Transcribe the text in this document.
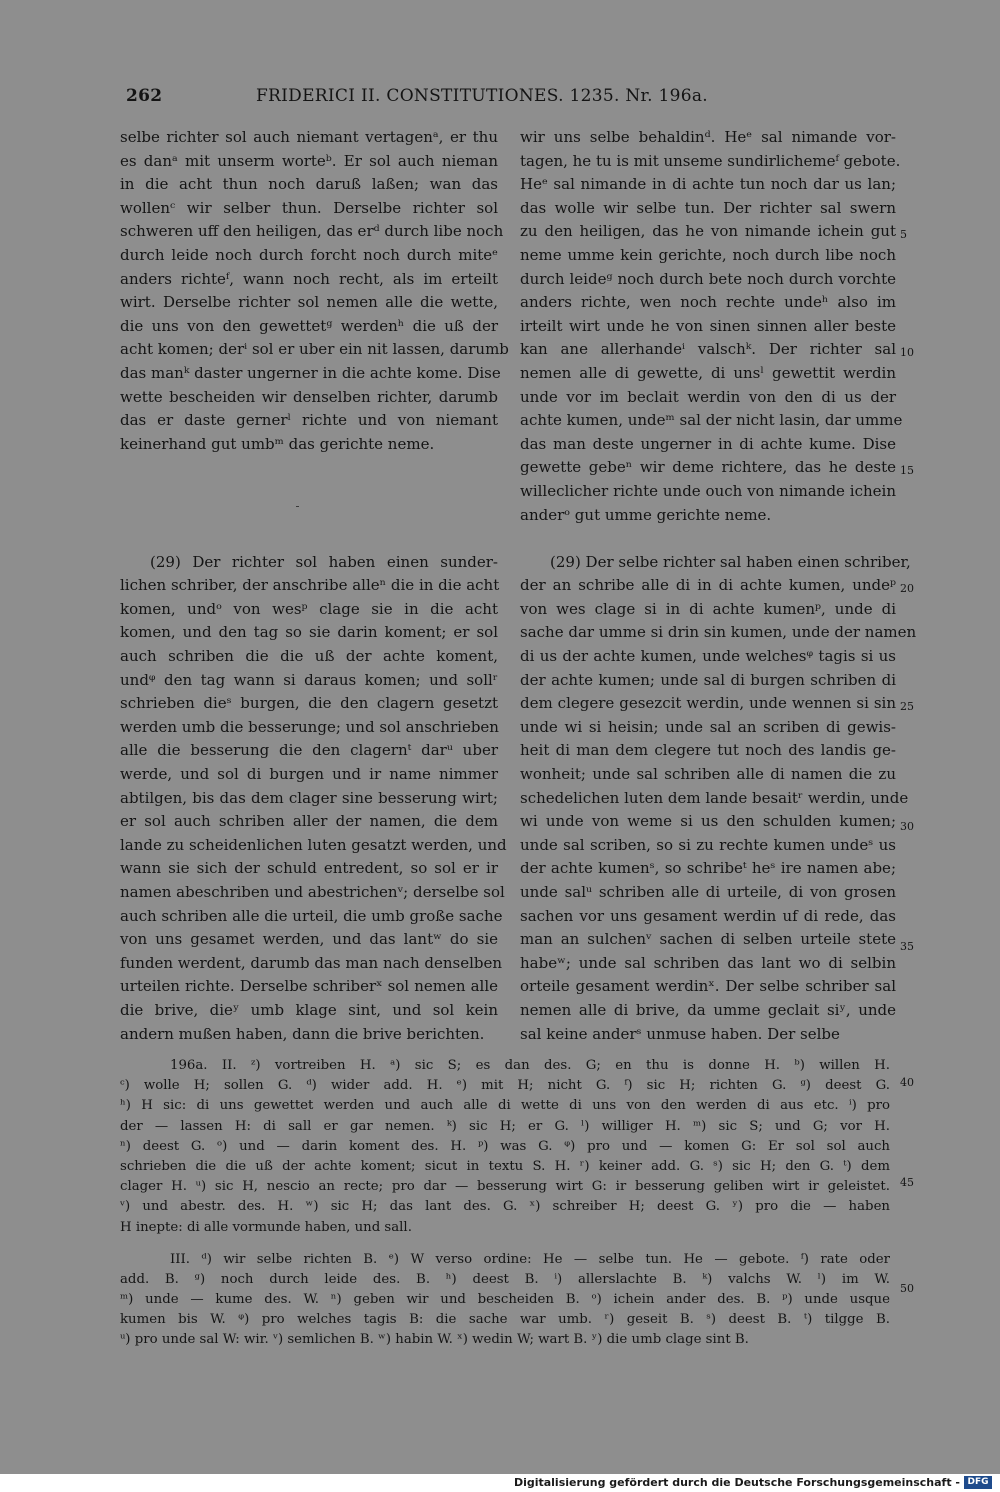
262	FRIDERICI II. CONSTITUTIONES. 1235. Nr. 196a.
selbe richter sol auch niemant vertagenᵃ, er thu
es danᵃ mit unserm worteᵇ. Er sol auch nieman
in die acht thun noch daruß laßen; wan das
wollenᶜ wir selber thun. Derselbe richter sol
schweren uff den heiligen, das erᵈ durch libe noch
durch leide noch durch forcht noch durch miteᵉ
anders richteᶠ, wann noch recht, als im erteilt
wirt. Derselbe richter sol nemen alle die wette,
die uns von den gewettetᵍ werdenʰ die uß der
acht komen; derⁱ sol er uber ein nit lassen, darumb
das manᵏ daster ungerner in die achte kome. Dise
wette bescheiden wir denselben richter, darumb
das er daste gernerˡ richte und von niemant
keinerhand gut umbᵐ das gerichte neme.
(29) Der richter sol haben einen sunder-
lichen schriber, der anschribe alleⁿ die in die acht
komen, undᵒ von wesᵖ clage sie in die acht
komen, und den tag so sie darin koment; er sol
auch schriben die die uß der achte koment,
undᵠ den tag wann si daraus komen; und sollʳ
schrieben dieˢ burgen, die den clagern gesetzt
werden umb die besserunge; und sol anschrieben
alle die besserung die den clagernᵗ darᵘ uber
werde, und sol di burgen und ir name nimmer
abtilgen, bis das dem clager sine besserung wirt;
er sol auch schriben aller der namen, die dem
lande zu scheidenlichen luten gesatzt werden, und
wann sie sich der schuld entredent, so sol er ir
namen abeschriben und abestrichenᵛ; derselbe sol
auch schriben alle die urteil, die umb große sache
von uns gesamet werden, und das lantʷ do sie
funden werdent, darumb das man nach denselben
urteilen richte. Derselbe schriberˣ sol nemen alle
die brive, dieʸ umb klage sint, und sol kein
andern mußen haben, dann die brive berichten.
wir uns selbe behaldinᵈ. Heᵉ sal nimande vor-
tagen, he tu is mit unseme sundirlichemeᶠ gebote.
Heᵉ sal nimande in di achte tun noch dar us lan;
das wolle wir selbe tun. Der richter sal swern
zu den heiligen, das he von nimande ichein gut
neme umme kein gerichte, noch durch libe noch
durch leideᵍ noch durch bete noch durch vorchte
anders richte, wen noch rechte undeʰ also im
irteilt wirt unde he von sinen sinnen aller beste
kan ane allerhandeⁱ valschᵏ. Der richter sal
nemen alle di gewette, di unsˡ gewettit werdin
unde vor im beclait werdin von den di us der
achte kumen, undeᵐ sal der nicht lasin, dar umme
das man deste ungerner in di achte kume. Dise
gewette gebeⁿ wir deme richtere, das he deste
willeclicher richte unde ouch von nimande ichein
anderᵒ gut umme gerichte neme.
(29) Der selbe richter sal haben einen schriber,
der an schribe alle di in di achte kumen, undeᵖ
von wes clage si in di achte kumenᵖ, unde di
sache dar umme si drin sin kumen, unde der namen
di us der achte kumen, unde welchesᵠ tagis si us
der achte kumen; unde sal di burgen schriben di
dem clegere gesezcit werdin, unde wennen si sin
unde wi si heisin; unde sal an scriben di gewis-
heit di man dem clegere tut noch des landis ge-
wonheit; unde sal schriben alle di namen die zu
schedelichen luten dem lande besaitʳ werdin, unde
wi unde von weme si us den schulden kumen;
unde sal scriben, so si zu rechte kumen undeˢ us
der achte kumenˢ, so schribeᵗ heˢ ire namen abe;
unde salᵘ schriben alle di urteile, di von grosen
sachen vor uns gesament werdin uf di rede, das
man an sulchenᵛ sachen di selben urteile stete
habeʷ; unde sal schriben das lant wo di selbin
orteile gesament werdinˣ. Der selbe schriber sal
nemen alle di brive, da umme geclait siʸ, unde
sal keine anderˢ unmuse haben. Der selbe
5
10
15
20
25
30
35
40
45
50
196a. II. ᶻ) vortreiben H. ᵃ) sic S; es dan des. G; en thu is donne H. ᵇ) willen H.
ᶜ) wolle H; sollen G. ᵈ) wider add. H. ᵉ) mit H; nicht G. ᶠ) sic H; richten G. ᵍ) deest G.
ʰ) H sic: di uns gewettet werden und auch alle di wette di uns von den werden di aus etc. ⁱ) pro
der — lassen H: di sall er gar nemen. ᵏ) sic H; er G. ˡ) williger H. ᵐ) sic S; und G; vor H.
ⁿ) deest G. ᵒ) und — darin koment des. H. ᵖ) was G. ᵠ) pro und — komen G: Er sol sol auch
schrieben die die uß der achte koment; sicut in textu S. H. ʳ) keiner add. G. ˢ) sic H; den G. ᵗ) dem
clager H. ᵘ) sic H, nescio an recte; pro dar — besserung wirt G: ir besserung geliben wirt ir geleistet.
ᵛ) und abestr. des. H. ʷ) sic H; das lant des. G. ˣ) schreiber H; deest G. ʸ) pro die — haben
H inepte: di alle vormunde haben, und sall.
III. ᵈ) wir selbe richten B. ᵉ) W verso ordine: He — selbe tun. He — gebote. ᶠ) rate oder
add. B. ᵍ) noch durch leide des. B. ʰ) deest B. ⁱ) allerslachte B. ᵏ) valchs W. ˡ) im W.
ᵐ) unde — kume des. W. ⁿ) geben wir und bescheiden B. ᵒ) ichein ander des. B. ᵖ) unde usque
kumen bis W. ᵠ) pro welches tagis B: die sache war umb. ʳ) geseit B. ˢ) deest B. ᵗ) tilgge B.
ᵘ) pro unde sal W: wir. ᵛ) semlichen B. ʷ) habin W. ˣ) wedin W; wart B. ʸ) die umb clage sint B.
Digitalisierung gefördert durch die Deutsche Forschungsgemeinschaft - DFG
